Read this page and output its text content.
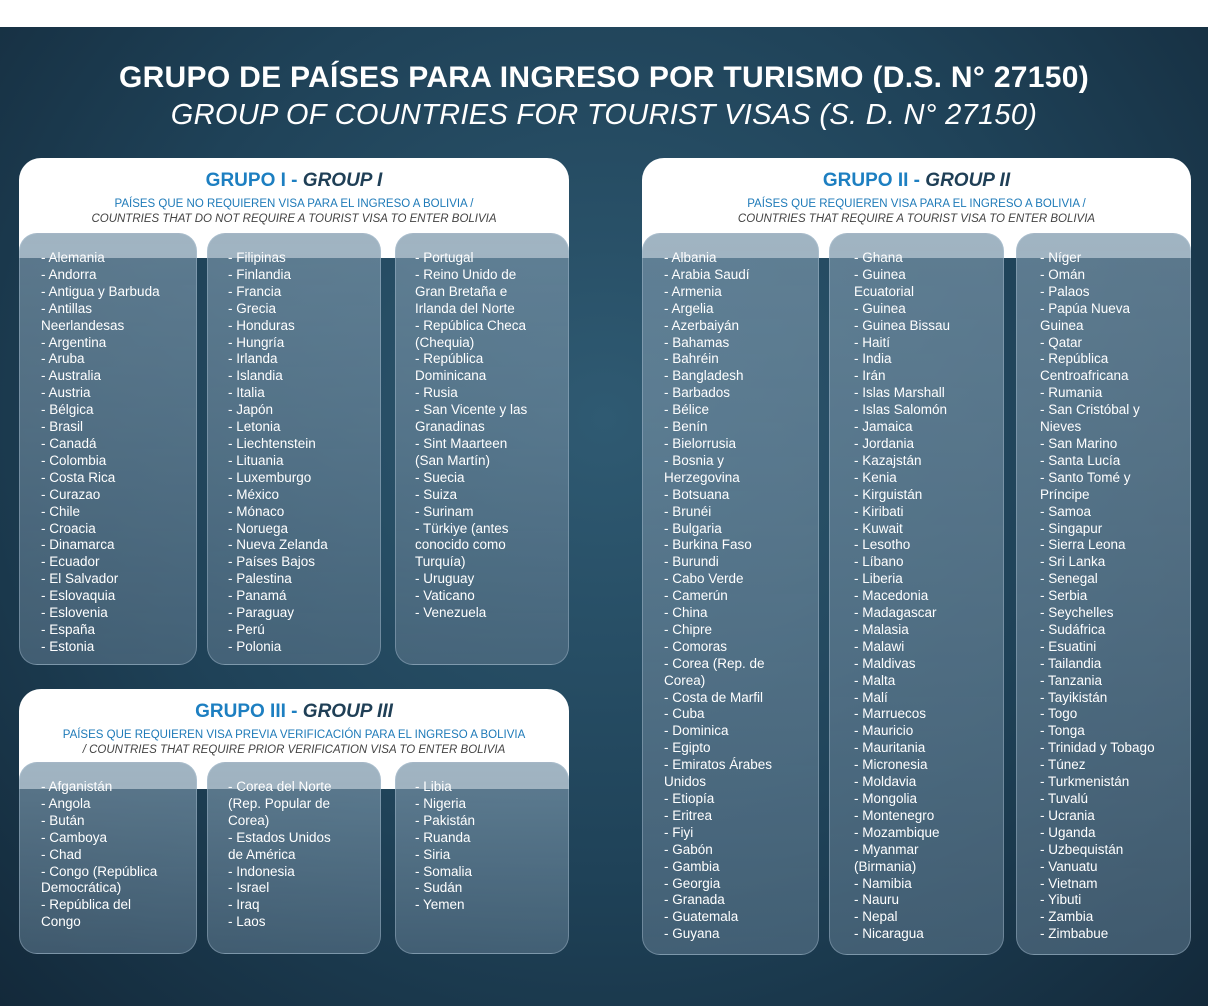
GRUPO DE PAÍSES PARA INGRESO POR TURISMO (D.S. N° 27150)
GROUP OF COUNTRIES FOR TOURIST VISAS (S. D. N° 27150)

GRUPO I - GROUP I

PAÍSES QUE NO REQUIEREN VISA PARA EL INGRESO A BOLIVIA /

COUNTRIES THAT DO NOT REQUIRE A TOURIST VISA TO ENTER BOLIVIA

- Alemania
- Andorra
- Antigua y Barbuda
- Antillas
Neerlandesas
- Argentina
- Aruba
- Australia
- Austria
- Bélgica
- Brasil
- Canadá
- Colombia
- Costa Rica
- Curazao
- Chile
- Croacia
- Dinamarca
- Ecuador
- El Salvador
- Eslovaquia
- Eslovenia
- España
- Estonia
- Filipinas
- Finlandia
- Francia
- Grecia
- Honduras
- Hungría
- Irlanda
- Islandia
- Italia
- Japón
- Letonia
- Liechtenstein
- Lituania
- Luxemburgo
- México
- Mónaco
- Noruega
- Nueva Zelanda
- Países Bajos
- Palestina
- Panamá
- Paraguay
- Perú
- Polonia
- Portugal
- Reino Unido de
Gran Bretaña e
Irlanda del Norte
- República Checa
(Chequia)
- República
Dominicana
- Rusia
- San Vicente y las
Granadinas
- Sint Maarteen
(San Martín)
- Suecia
- Suiza
- Surinam
- Türkiye (antes
conocido como
Turquía)
- Uruguay
- Vaticano
- Venezuela

GRUPO III - GROUP III

PAÍSES QUE REQUIEREN VISA PREVIA VERIFICACIÓN PARA EL INGRESO A BOLIVIA

/ COUNTRIES THAT REQUIRE PRIOR VERIFICATION VISA TO ENTER BOLIVIA

- Afganistán
- Angola
- Bután
- Camboya
- Chad
- Congo (República
Democrática)
- República del
Congo
- Corea del Norte
(Rep. Popular de
Corea)
- Estados Unidos
de América
- Indonesia
- Israel
- Iraq
- Laos
- Libia
- Nigeria
- Pakistán
- Ruanda
- Siria
- Somalia
- Sudán
- Yemen

GRUPO II - GROUP II

PAÍSES QUE REQUIEREN VISA PARA EL INGRESO A BOLIVIA /

COUNTRIES THAT REQUIRE A TOURIST VISA TO ENTER BOLIVIA

- Albania
- Arabia Saudí
- Armenia
- Argelia
- Azerbaiyán
- Bahamas
- Bahréin
- Bangladesh
- Barbados
- Bélice
- Benín
- Bielorrusia
- Bosnia y
Herzegovina
- Botsuana
- Brunéi
- Bulgaria
- Burkina Faso
- Burundi
- Cabo Verde
- Camerún
- China
- Chipre
- Comoras
- Corea (Rep. de
Corea)
- Costa de Marfil
- Cuba
- Dominica
- Egipto
- Emiratos Árabes
Unidos
- Etiopía
- Eritrea
- Fiyi
- Gabón
- Gambia
- Georgia
- Granada
- Guatemala
- Guyana
- Ghana
- Guinea
Ecuatorial
- Guinea
- Guinea Bissau
- Haití
- India
- Irán
- Islas Marshall
- Islas Salomón
- Jamaica
- Jordania
- Kazajstán
- Kenia
- Kirguistán
- Kiribati
- Kuwait
- Lesotho
- Líbano
- Liberia
- Macedonia
- Madagascar
- Malasia
- Malawi
- Maldivas
- Malta
- Malí
- Marruecos
- Mauricio
- Mauritania
- Micronesia
- Moldavia
- Mongolia
- Montenegro
- Mozambique
- Myanmar
(Birmania)
- Namibia
- Nauru
- Nepal
- Nicaragua
- Níger
- Omán
- Palaos
- Papúa Nueva
Guinea
- Qatar
- República
Centroafricana
- Rumania
- San Cristóbal y
Nieves
- San Marino
- Santa Lucía
- Santo Tomé y
Príncipe
- Samoa
- Singapur
- Sierra Leona
- Sri Lanka
- Senegal
- Serbia
- Seychelles
- Sudáfrica
- Esuatini
- Tailandia
- Tanzania
- Tayikistán
- Togo
- Tonga
- Trinidad y Tobago
- Túnez
- Turkmenistán
- Tuvalú
- Ucrania
- Uganda
- Uzbequistán
- Vanuatu
- Vietnam
- Yibuti
- Zambia
- Zimbabue
